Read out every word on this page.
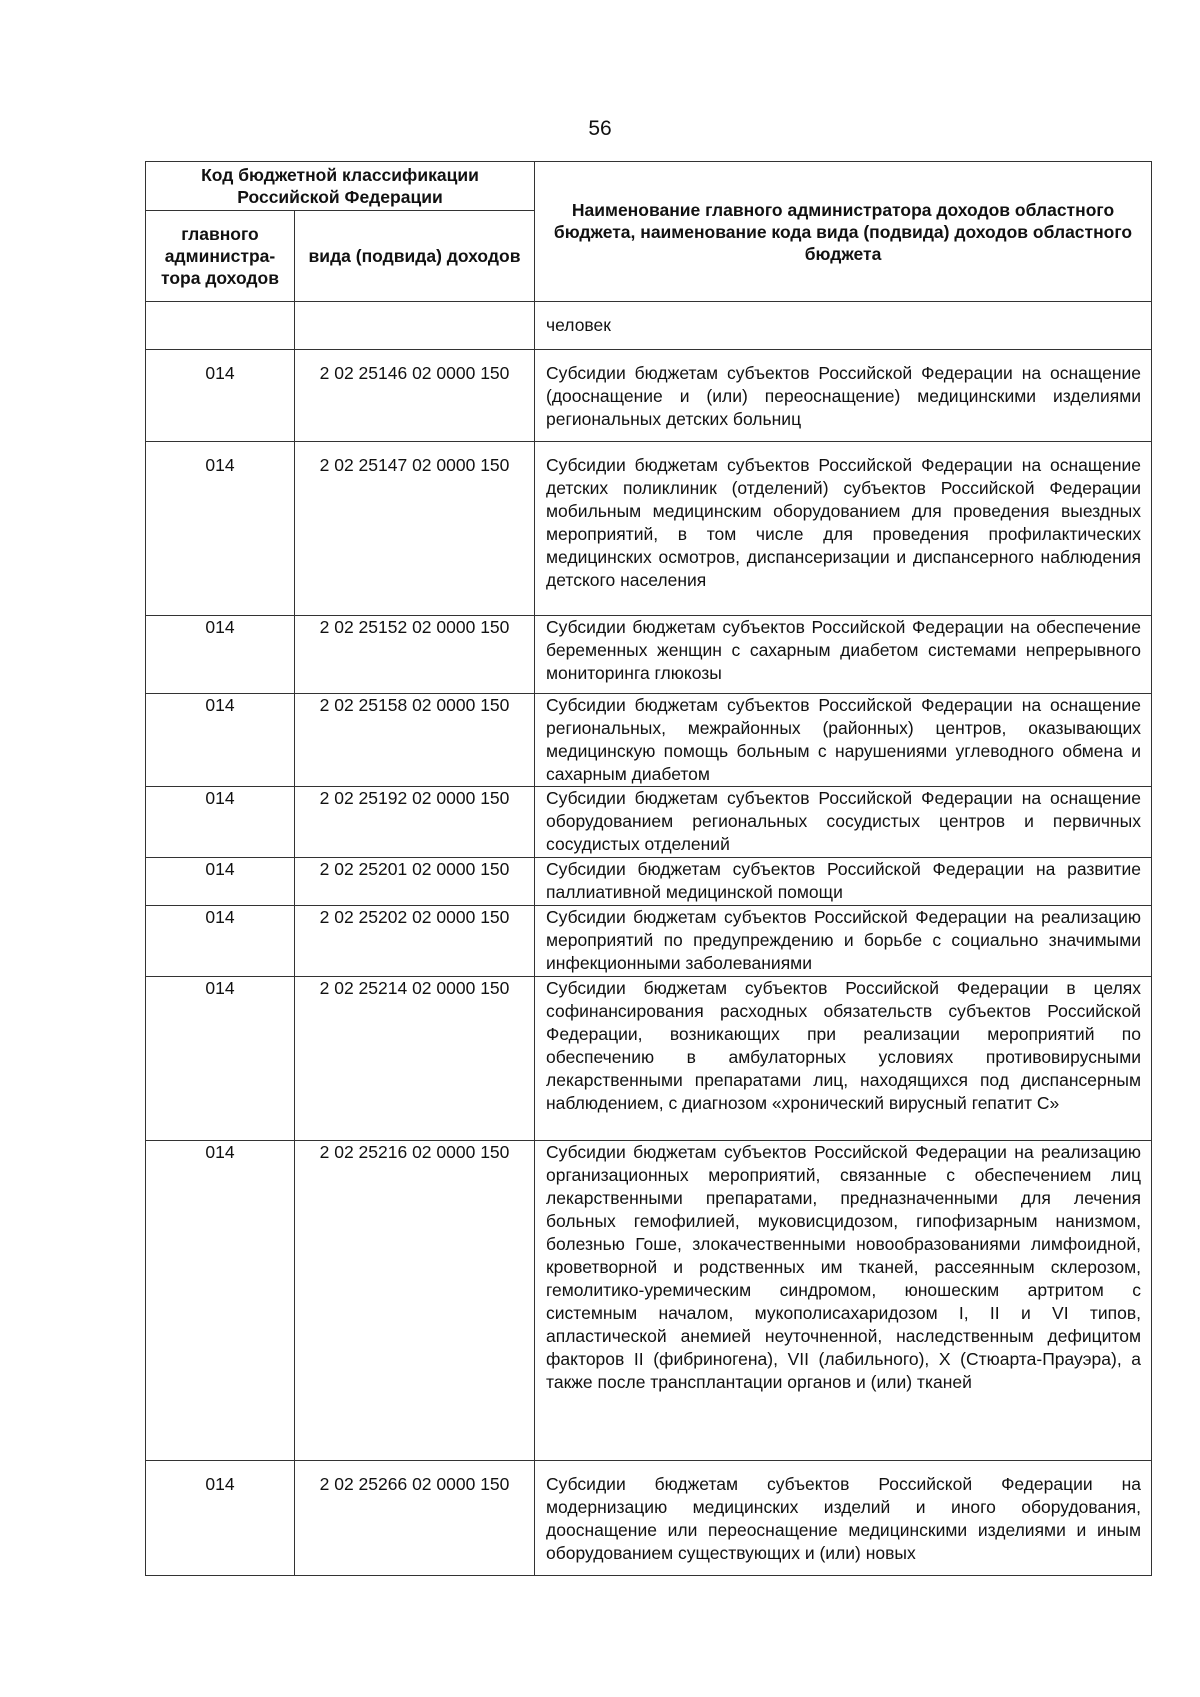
56
Код бюджетной классификации Российской Федерации		Наименование главного администратора доходов областного бюджета, наименование кода вида (подвида) доходов областного бюджета
главного администра-тора доходов	вида (подвида) доходов	
		человек
014	2 02 25146 02 0000 150	Субсидии бюджетам субъектов Российской Федерации на оснащение (дооснащение и (или) переоснащение) медицинскими изделиями региональных детских больниц
014	2 02 25147 02 0000 150	Субсидии бюджетам субъектов Российской Федерации на оснащение детских поликлиник (отделений) субъектов Российской Федерации мобильным медицинским оборудованием для проведения выездных мероприятий, в том числе для проведения профилактических медицинских осмотров, диспансеризации и диспансерного наблюдения детского населения
014	2 02 25152 02 0000 150	Субсидии бюджетам субъектов Российской Федерации на обеспечение беременных женщин с сахарным диабетом системами непрерывного мониторинга глюкозы
014	2 02 25158 02 0000 150	Субсидии бюджетам субъектов Российской Федерации на оснащение региональных, межрайонных (районных) центров, оказывающих медицинскую помощь больным с нарушениями углеводного обмена и сахарным диабетом
014	2 02 25192 02 0000 150	Субсидии бюджетам субъектов Российской Федерации на оснащение оборудованием региональных сосудистых центров и первичных сосудистых отделений
014	2 02 25201 02 0000 150	Субсидии бюджетам субъектов Российской Федерации на развитие паллиативной медицинской помощи
014	2 02 25202 02 0000 150	Субсидии бюджетам субъектов Российской Федерации на реализацию мероприятий по предупреждению и борьбе с социально значимыми инфекционными заболеваниями
014	2 02 25214 02 0000 150	Субсидии бюджетам субъектов Российской Федерации в целях софинансирования расходных обязательств субъектов Российской Федерации, возникающих при реализации мероприятий по обеспечению в амбулаторных условиях противовирусными лекарственными препаратами лиц, находящихся под диспансерным наблюдением, с диагнозом «хронический вирусный гепатит С»
014	2 02 25216 02 0000 150	Субсидии бюджетам субъектов Российской Федерации на реализацию организационных мероприятий, связанные с обеспечением лиц лекарственными препаратами, предназначенными для лечения больных гемофилией, муковисцидозом, гипофизарным нанизмом, болезнью Гоше, злокачественными новообразованиями лимфоидной, кроветворной и родственных им тканей, рассеянным склерозом, гемолитико-уремическим синдромом, юношеским артритом с системным началом, мукополисахаридозом I, II и VI типов, апластической анемией неуточненной, наследственным дефицитом факторов II (фибриногена), VII (лабильного), X (Стюарта-Прауэра), а также после трансплантации органов и (или) тканей
014	2 02 25266 02 0000 150	Субсидии бюджетам субъектов Российской Федерации на модернизацию медицинских изделий и иного оборудования, дооснащение или переоснащение медицинскими изделиями и иным оборудованием существующих и (или) новых
